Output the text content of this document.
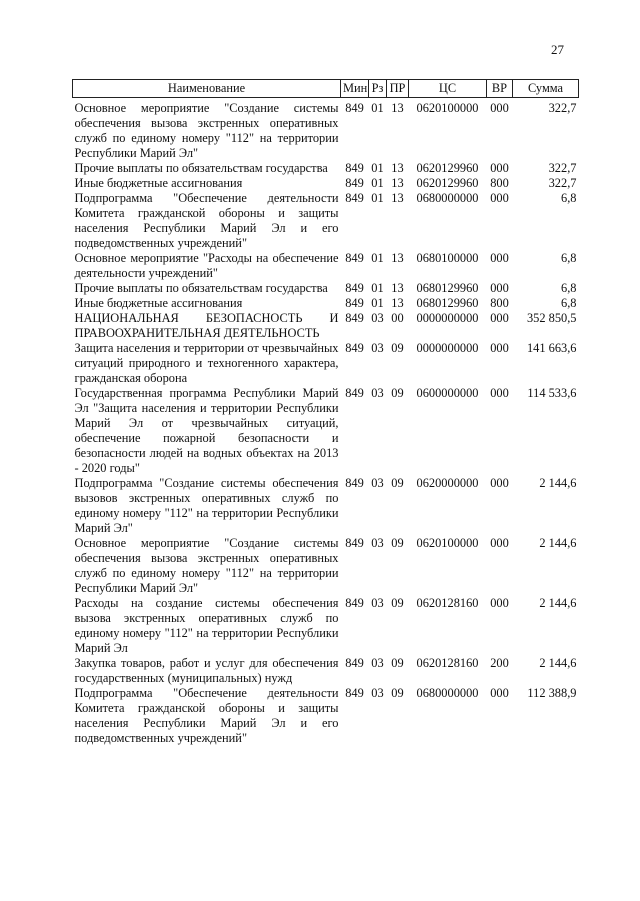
27
Наименование	Мин	Рз	ПР	ЦС	ВР	Сумма
Основное мероприятие "Создание системы обеспечения вызова экстренных оперативных служб по единому номеру "112" на территории Республики Марий Эл"	849	01	13	0620100000	000	322,7
Прочие выплаты по обязательствам государства	849	01	13	0620129960	000	322,7
Иные бюджетные ассигнования	849	01	13	0620129960	800	322,7
Подпрограмма "Обеспечение деятельности Комитета гражданской обороны и защиты населения Республики Марий Эл и его подведомственных учреждений"	849	01	13	0680000000	000	6,8
Основное мероприятие "Расходы на обеспечение деятельности учреждений"	849	01	13	0680100000	000	6,8
Прочие выплаты по обязательствам государства	849	01	13	0680129960	000	6,8
Иные бюджетные ассигнования	849	01	13	0680129960	800	6,8
НАЦИОНАЛЬНАЯ БЕЗОПАСНОСТЬ И ПРАВООХРАНИТЕЛЬНАЯ ДЕЯТЕЛЬНОСТЬ	849	03	00	0000000000	000	352 850,5
Защита населения и территории от чрезвычайных ситуаций природного и техногенного характера, гражданская оборона	849	03	09	0000000000	000	141 663,6
Государственная программа Республики Марий Эл "Защита населения и территории Республики Марий Эл от чрезвычайных ситуаций, обеспечение пожарной безопасности и безопасности людей на водных объектах на 2013 - 2020 годы"	849	03	09	0600000000	000	114 533,6
Подпрограмма "Создание системы обеспечения вызовов экстренных оперативных служб по единому номеру "112" на территории Республики Марий Эл"	849	03	09	0620000000	000	2 144,6
Основное мероприятие "Создание системы обеспечения вызова экстренных оперативных служб по единому номеру "112" на территории Республики Марий Эл"	849	03	09	0620100000	000	2 144,6
Расходы на создание системы обеспечения вызова экстренных оперативных служб по единому номеру "112" на территории Республики Марий Эл	849	03	09	0620128160	000	2 144,6
Закупка товаров, работ и услуг для обеспечения государственных (муниципальных) нужд	849	03	09	0620128160	200	2 144,6
Подпрограмма "Обеспечение деятельности Комитета гражданской обороны и защиты населения Республики Марий Эл и его подведомственных учреждений"	849	03	09	0680000000	000	112 388,9
